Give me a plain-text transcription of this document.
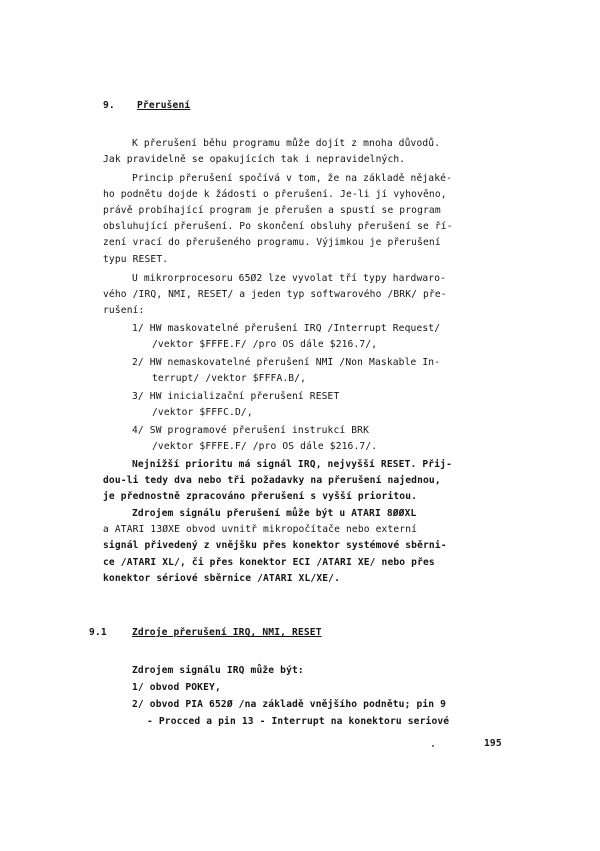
9. Přerušení
K přerušení běhu programu může dojít z mnoha důvodů.
Jak pravidelně se opakujících tak i nepravidelných.
Princip přerušení spočívá v tom, že na základě nějaké-
ho podnětu dojde k žádosti o přerušení. Je-li jí vyhověno,
právě probíhající program je přerušen a spustí se program
obsluhující přerušení. Po skončení obsluhy přerušení se ří-
zení vrací do přerušeného programu. Výjimkou je přerušení
typu RESET.
U mikrorprocesoru 65Ø2 lze vyvolat tří typy hardwaro-
vého /IRQ, NMI, RESET/ a jeden typ softwarového /BRK/ pře-
rušení:
1/ HW maskovatelné přerušení IRQ /Interrupt Request/
/vektor $FFFE.F/ /pro OS dále $216.7/,
2/ HW nemaskovatelné přerušení NMI /Non Maskable In-
terrupt/ /vektor $FFFA.B/,
3/ HW inicializační přerušení RESET
/vektor $FFFC.D/,
4/ SW programové přerušení instrukcí BRK
/vektor $FFFE.F/ /pro OS dále $216.7/.
Nejnižší prioritu má signál IRQ, nejvyšší RESET. Přij-
dou-li tedy dva nebo tři požadavky na přerušení najednou,
je přednostně zpracováno přerušení s vyšší prioritou.
Zdrojem signálu přerušení může být u ATARI 8ØØXL
a ATARI 13ØXE obvod uvnitř mikropočítače nebo externí
signál přivedený z vnějšku přes konektor systémové sběrni-
ce /ATARI XL/, či přes konektor ECI /ATARI XE/ nebo přes
konektor sériové sběrnice /ATARI XL/XE/.
9.1	Zdroje přerušení IRQ, NMI, RESET
Zdrojem signálu IRQ může být:
1/ obvod POKEY,
2/ obvod PIA 652Ø /na základě vnějšího podnětu; pin 9
- Procced a pin 13 - Interrupt na konektoru seriové
195
